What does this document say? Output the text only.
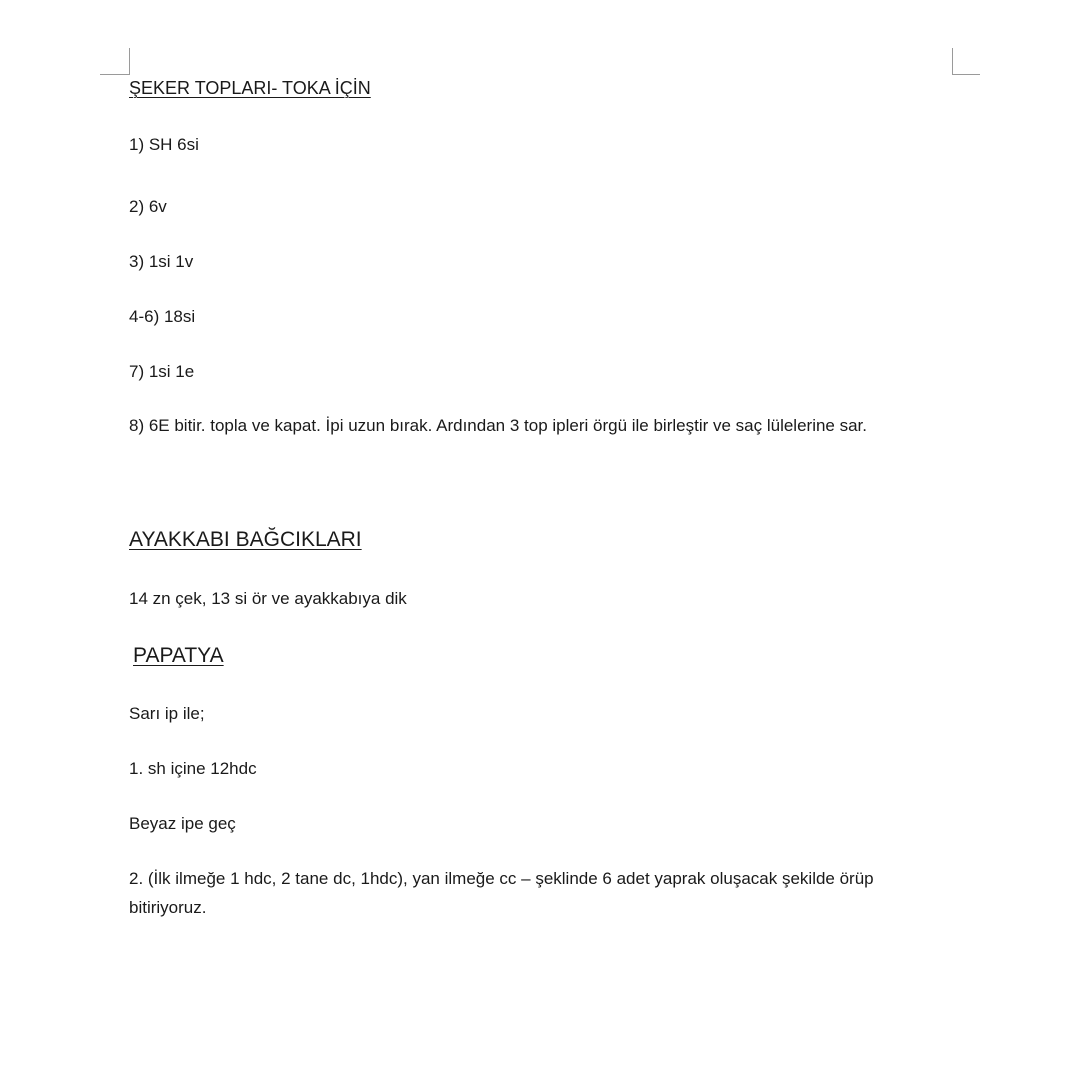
ŞEKER TOPLARI- TOKA İÇİN

1) SH 6si

2) 6v

3) 1si 1v

4-6) 18si

7) 1si 1e

8) 6E bitir. topla ve kapat. İpi uzun bırak. Ardından 3 top ipleri örgü ile birleştir ve saç lülelerine sar.

AYAKKABI BAĞCIKLARI

14 zn çek, 13 si ör ve ayakkabıya dik

PAPATYA

Sarı ip ile;

1. sh içine 12hdc

Beyaz ipe geç

2. (İlk ilmeğe 1 hdc, 2 tane dc, 1hdc), yan ilmeğe cc – şeklinde 6 adet yaprak oluşacak şekilde örüp bitiriyoruz.
